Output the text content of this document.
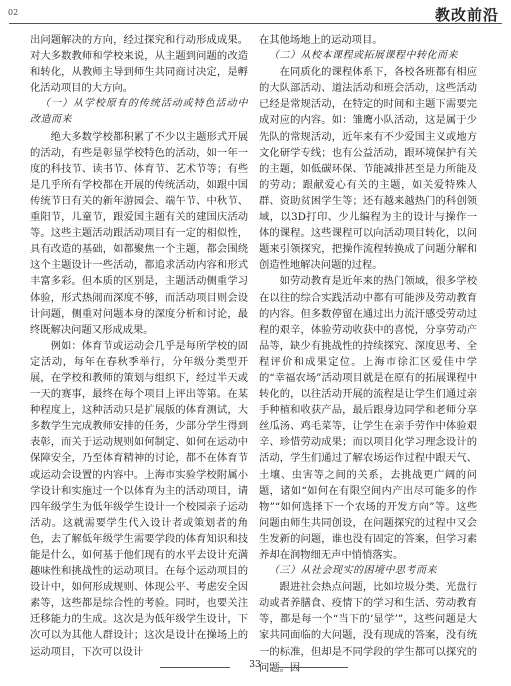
02	教改前沿

出问题解决的方向，经过探究和行动形成成果。对大多数教师和学校来说，从主题到问题的改造和转化，从教师主导到师生共同商讨决定，是孵化活动项目的大方向。

（一）从学校原有的传统活动或特色活动中改造而来

绝大多数学校都积累了不少以主题形式开展的活动，有些是彰显学校特色的活动，如一年一度的科技节、读书节、体育节、艺术节等；有些是几乎所有学校都在开展的传统活动，如跟中国传统节日有关的新年游园会、端午节、中秋节、重阳节，儿童节，跟爱国主题有关的建国庆活动等。这些主题活动跟活动项目有一定的相似性，具有改造的基础，如都聚焦一个主题，都会围绕这个主题设计一些活动，都追求活动内容和形式丰富多彩。但本质的区别是，主题活动侧重学习体验，形式热闹而深度不够，而活动项目则会设计问题，侧重对问题本身的深度分析和讨论，最终既解决问题又形成成果。

例如：体育节或运动会几乎是每所学校的固定活动，每年在春秋季举行，分年级分类型开展，在学校和教师的策划与组织下，经过半天或一天的赛事，最终在每个项目上评出等第。在某种程度上，这种活动只是扩展版的体育测试，大多数学生完成教师安排的任务，少部分学生得到表彰，而关于运动规则如何制定、如何在运动中保障安全，乃至体育精神的讨论，都不在体育节或运动会设置的内容中。上海市实验学校附属小学设计和实施过一个以体育为主的活动项目，请四年级学生为低年级学生设计一个校园亲子运动活动。这就需要学生代入设计者或策划者的角色，去了解低年级学生需要学段的体育知识和技能是什么，如何基于他们现有的水平去设计充满趣味性和挑战性的运动项目。在每个运动项目的设计中，如何形成规则、体现公平、考虑安全因素等，这些都是综合性的考验。同时，也要关注迁移能力的生成。这次是为低年级学生设计，下次可以为其他人群设计；这次是设计在操场上的运动项目，下次可以设计

在其他场地上的运动项目。

（二）从校本课程或拓展课程中转化而来

在同质化的课程体系下，各校各班都有相应的大队部活动、道法活动和班会活动，这些活动已经是常规活动，在特定的时间和主题下需要完成对应的内容。如：雏鹰小队活动，这是属于少先队的常规活动，近年来有不少爱国主义或地方文化研学专线；也有公益活动，跟环境保护有关的主题，如低碳环保、节能减排甚至是力所能及的劳动；跟献爱心有关的主题，如关爱特殊人群、资助贫困学生等；还有越来越热门的科创领域，以3D打印、少儿编程为主的设计与操作一体的课程。这些课程可以向活动项目转化，以问题来引领探究，把操作流程转换成了问题分解和创造性地解决问题的过程。

如劳动教育是近年来的热门领域，很多学校在以往的综合实践活动中都有可能涉及劳动教育的内容。但多数停留在通过出力流汗感受劳动过程的艰辛，体验劳动收获中的喜悦，分享劳动产品等，缺少有挑战性的持续探究、深度思考、全程评价和成果定位。上海市徐汇区爱佳中学的“幸福农场”活动项目就是在原有的拓展课程中转化的，以往活动开展的流程是让学生们通过亲手种植和收获产品，最后跟身边同学和老师分享丝瓜汤、鸡毛菜等，让学生在亲手劳作中体验艰辛、珍惜劳动成果；而以项目化学习理念设计的活动，学生们通过了解农场运作过程中跟天气、土壤、虫害等之间的关系，去挑战更广阔的问题，诸如“如何在有限空间内产出尽可能多的作物”“如何选择下一个农场的开发方向”等。这些问题由师生共同创设，在问题探究的过程中又会生发新的问题，谁也没有固定的答案，但学习素养却在润物细无声中悄悄落实。

（三）从社会现实的困境中思考而来

跟进社会热点问题，比如垃圾分类、光盘行动或者养膳食、疫情下的学习和生活、劳动教育等，都是每一个“当下的‘显学’”，这些问题是大家共同面临的大问题，没有现成的答案，没有统一的标准，但却是不同学段的学生都可以探究的问题。因

33
